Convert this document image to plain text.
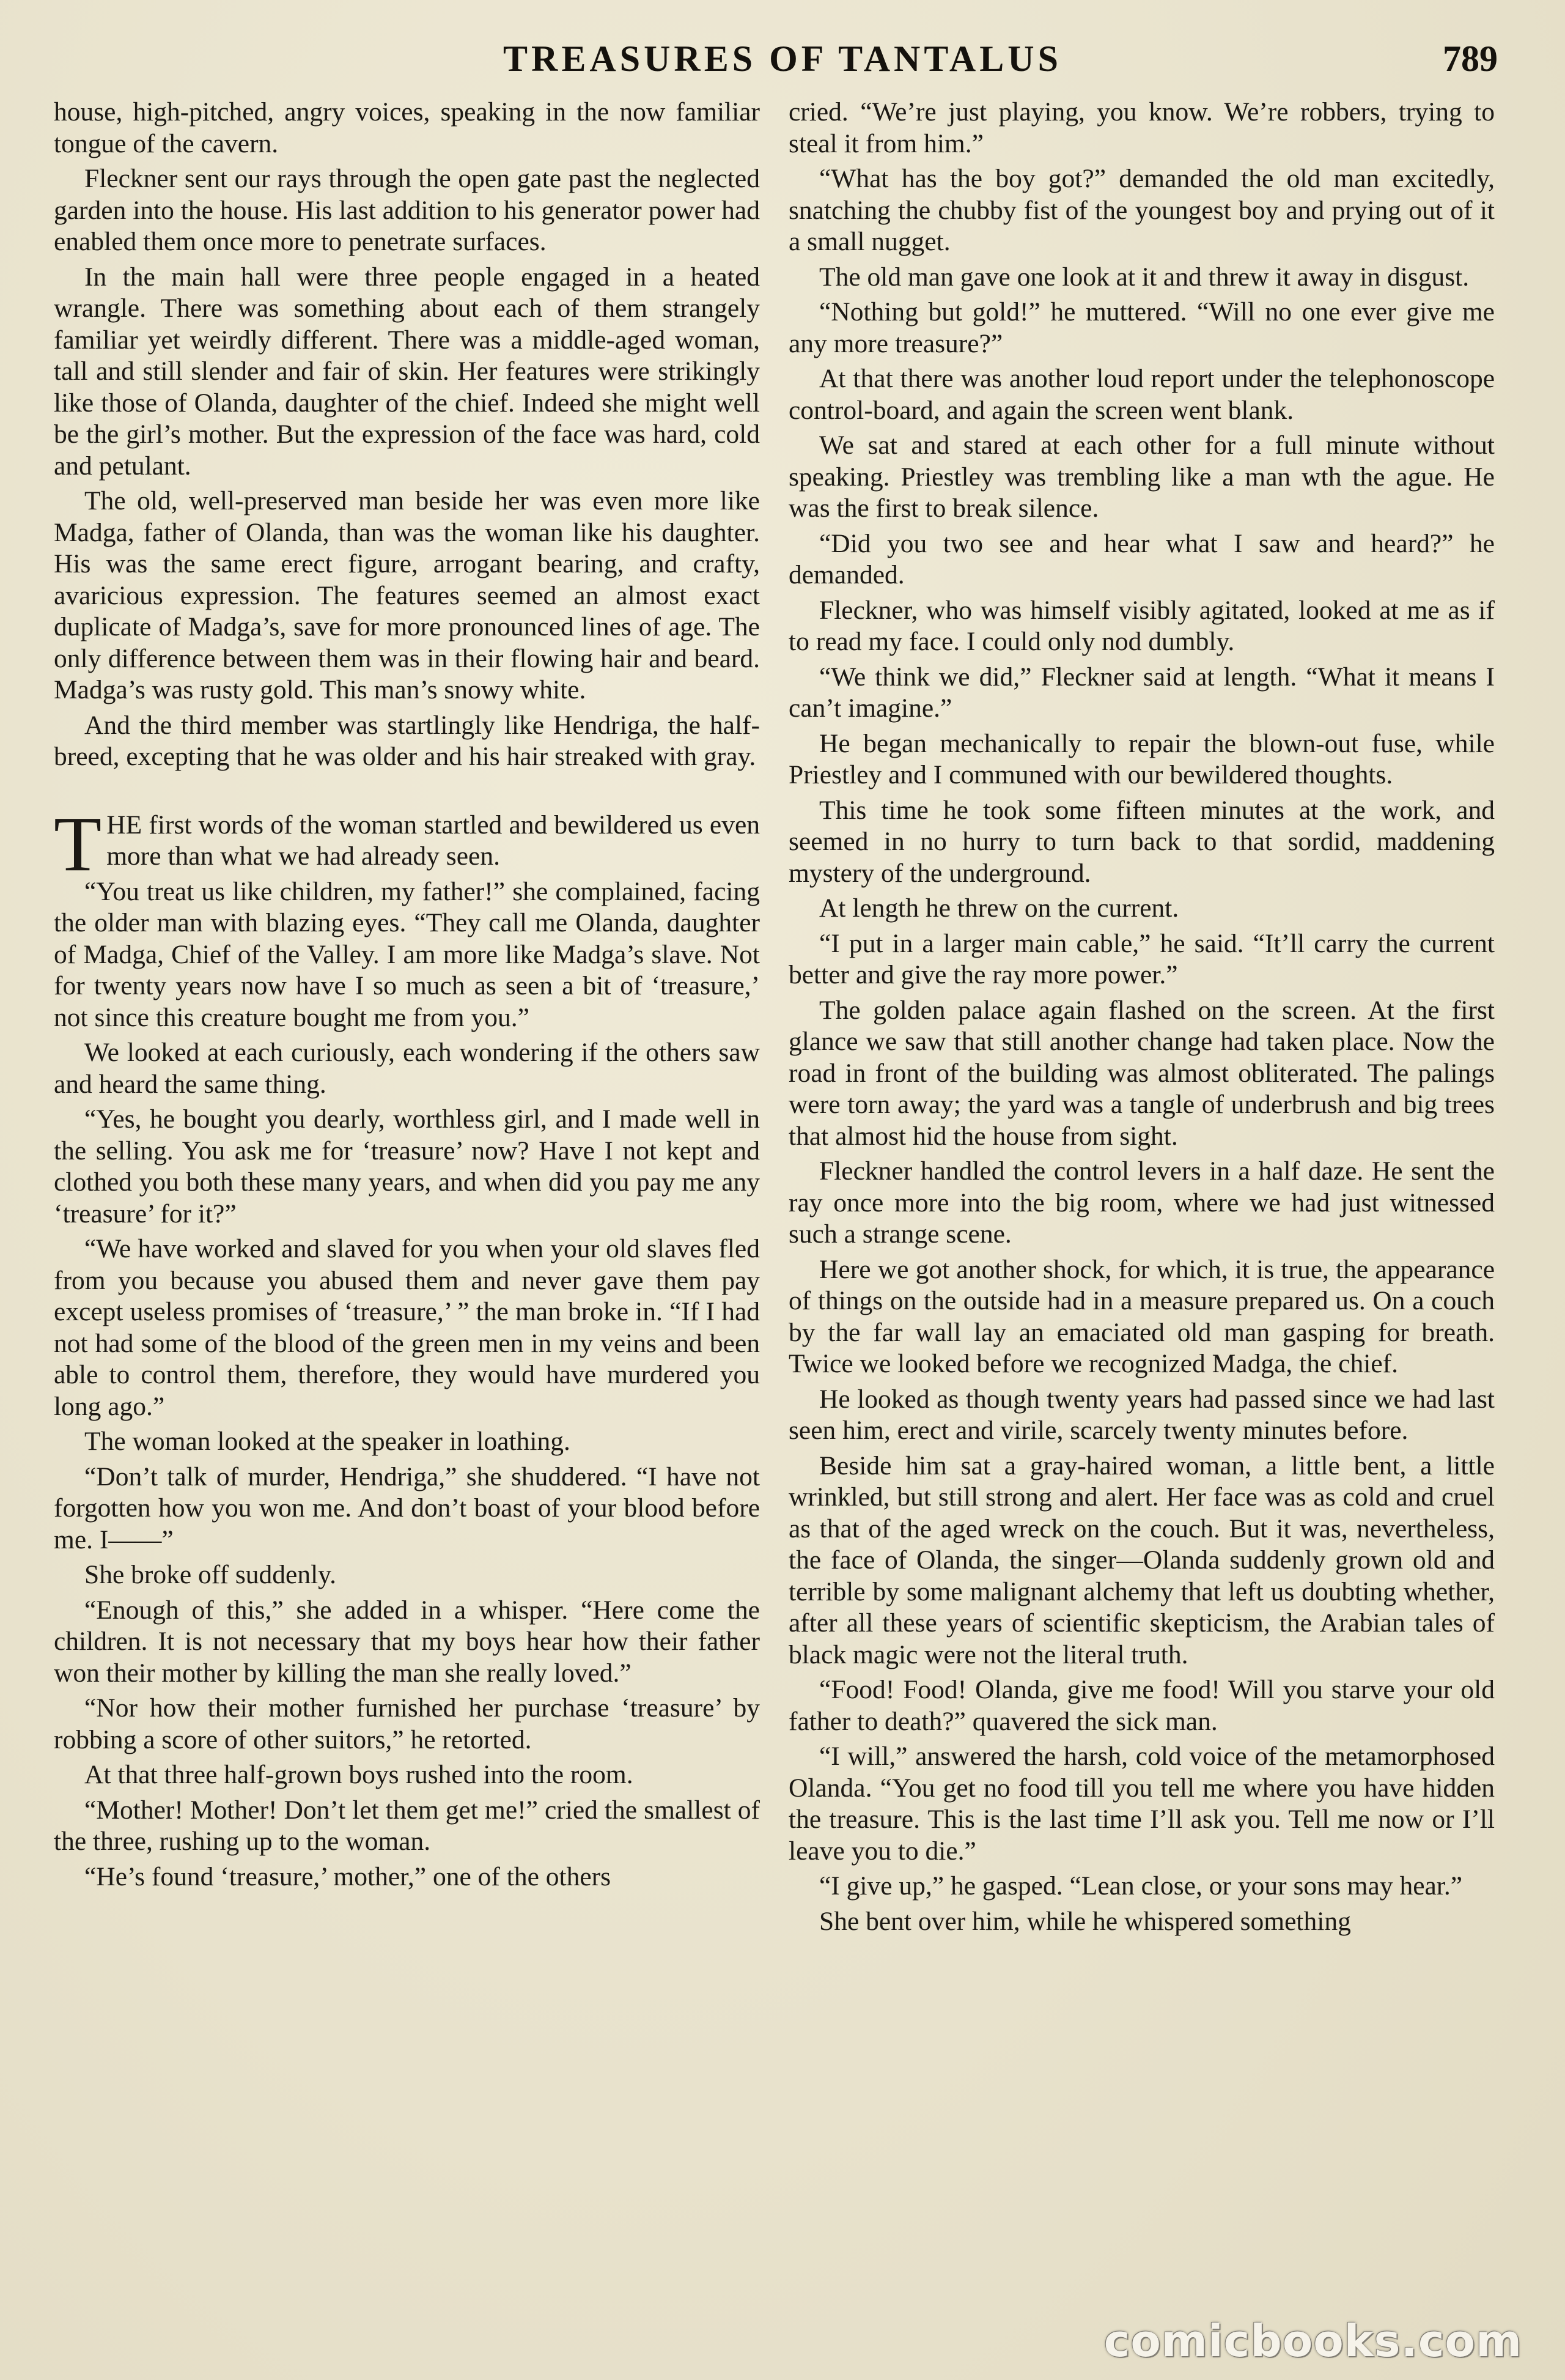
TREASURES OF TANTALUS	789

house, high-pitched, angry voices, speaking in the now familiar tongue of the cavern.

Fleckner sent our rays through the open gate past the neglected garden into the house. His last addition to his generator power had enabled them once more to penetrate surfaces.

In the main hall were three people engaged in a heated wrangle. There was something about each of them strangely familiar yet weirdly different. There was a middle-aged woman, tall and still slender and fair of skin. Her features were strikingly like those of Olanda, daughter of the chief. Indeed she might well be the girl’s mother. But the expression of the face was hard, cold and petulant.

The old, well-preserved man beside her was even more like Madga, father of Olanda, than was the woman like his daughter. His was the same erect figure, arrogant bearing, and crafty, avaricious expression. The features seemed an almost exact duplicate of Madga’s, save for more pronounced lines of age. The only difference between them was in their flowing hair and beard. Madga’s was rusty gold. This man’s snowy white.

And the third member was startlingly like Hendriga, the half-breed, excepting that he was older and his hair streaked with gray.

THE first words of the woman startled and bewildered us even more than what we had already seen.

“You treat us like children, my father!” she complained, facing the older man with blazing eyes. “They call me Olanda, daughter of Madga, Chief of the Valley. I am more like Madga’s slave. Not for twenty years now have I so much as seen a bit of ‘treasure,’ not since this creature bought me from you.”

We looked at each curiously, each wondering if the others saw and heard the same thing.

“Yes, he bought you dearly, worthless girl, and I made well in the selling. You ask me for ‘treasure’ now? Have I not kept and clothed you both these many years, and when did you pay me any ‘treasure’ for it?”

“We have worked and slaved for you when your old slaves fled from you because you abused them and never gave them pay except useless promises of ‘treasure,’ ” the man broke in. “If I had not had some of the blood of the green men in my veins and been able to control them, therefore, they would have murdered you long ago.”

The woman looked at the speaker in loathing.

“Don’t talk of murder, Hendriga,” she shuddered. “I have not forgotten how you won me. And don’t boast of your blood before me. I——”

She broke off suddenly.

“Enough of this,” she added in a whisper. “Here come the children. It is not necessary that my boys hear how their father won their mother by killing the man she really loved.”

“Nor how their mother furnished her purchase ‘treasure’ by robbing a score of other suitors,” he retorted.

At that three half-grown boys rushed into the room.

“Mother! Mother! Don’t let them get me!” cried the smallest of the three, rushing up to the woman.

“He’s found ‘treasure,’ mother,” one of the others

cried. “We’re just playing, you know. We’re robbers, trying to steal it from him.”

“What has the boy got?” demanded the old man excitedly, snatching the chubby fist of the youngest boy and prying out of it a small nugget.

The old man gave one look at it and threw it away in disgust.

“Nothing but gold!” he muttered. “Will no one ever give me any more treasure?”

At that there was another loud report under the telephonoscope control-board, and again the screen went blank.

We sat and stared at each other for a full minute without speaking. Priestley was trembling like a man wth the ague. He was the first to break silence.

“Did you two see and hear what I saw and heard?” he demanded.

Fleckner, who was himself visibly agitated, looked at me as if to read my face. I could only nod dumbly.

“We think we did,” Fleckner said at length. “What it means I can’t imagine.”

He began mechanically to repair the blown-out fuse, while Priestley and I communed with our bewildered thoughts.

This time he took some fifteen minutes at the work, and seemed in no hurry to turn back to that sordid, maddening mystery of the underground.

At length he threw on the current.

“I put in a larger main cable,” he said. “It’ll carry the current better and give the ray more power.”

The golden palace again flashed on the screen. At the first glance we saw that still another change had taken place. Now the road in front of the building was almost obliterated. The palings were torn away; the yard was a tangle of underbrush and big trees that almost hid the house from sight.

Fleckner handled the control levers in a half daze. He sent the ray once more into the big room, where we had just witnessed such a strange scene.

Here we got another shock, for which, it is true, the appearance of things on the outside had in a measure prepared us. On a couch by the far wall lay an emaciated old man gasping for breath. Twice we looked before we recognized Madga, the chief.

He looked as though twenty years had passed since we had last seen him, erect and virile, scarcely twenty minutes before.

Beside him sat a gray-haired woman, a little bent, a little wrinkled, but still strong and alert. Her face was as cold and cruel as that of the aged wreck on the couch. But it was, nevertheless, the face of Olanda, the singer—Olanda suddenly grown old and terrible by some malignant alchemy that left us doubting whether, after all these years of scientific skepticism, the Arabian tales of black magic were not the literal truth.

“Food! Food! Olanda, give me food! Will you starve your old father to death?” quavered the sick man.

“I will,” answered the harsh, cold voice of the metamorphosed Olanda. “You get no food till you tell me where you have hidden the treasure. This is the last time I’ll ask you. Tell me now or I’ll leave you to die.”

“I give up,” he gasped. “Lean close, or your sons may hear.”

She bent over him, while he whispered something

comicbooks.com
